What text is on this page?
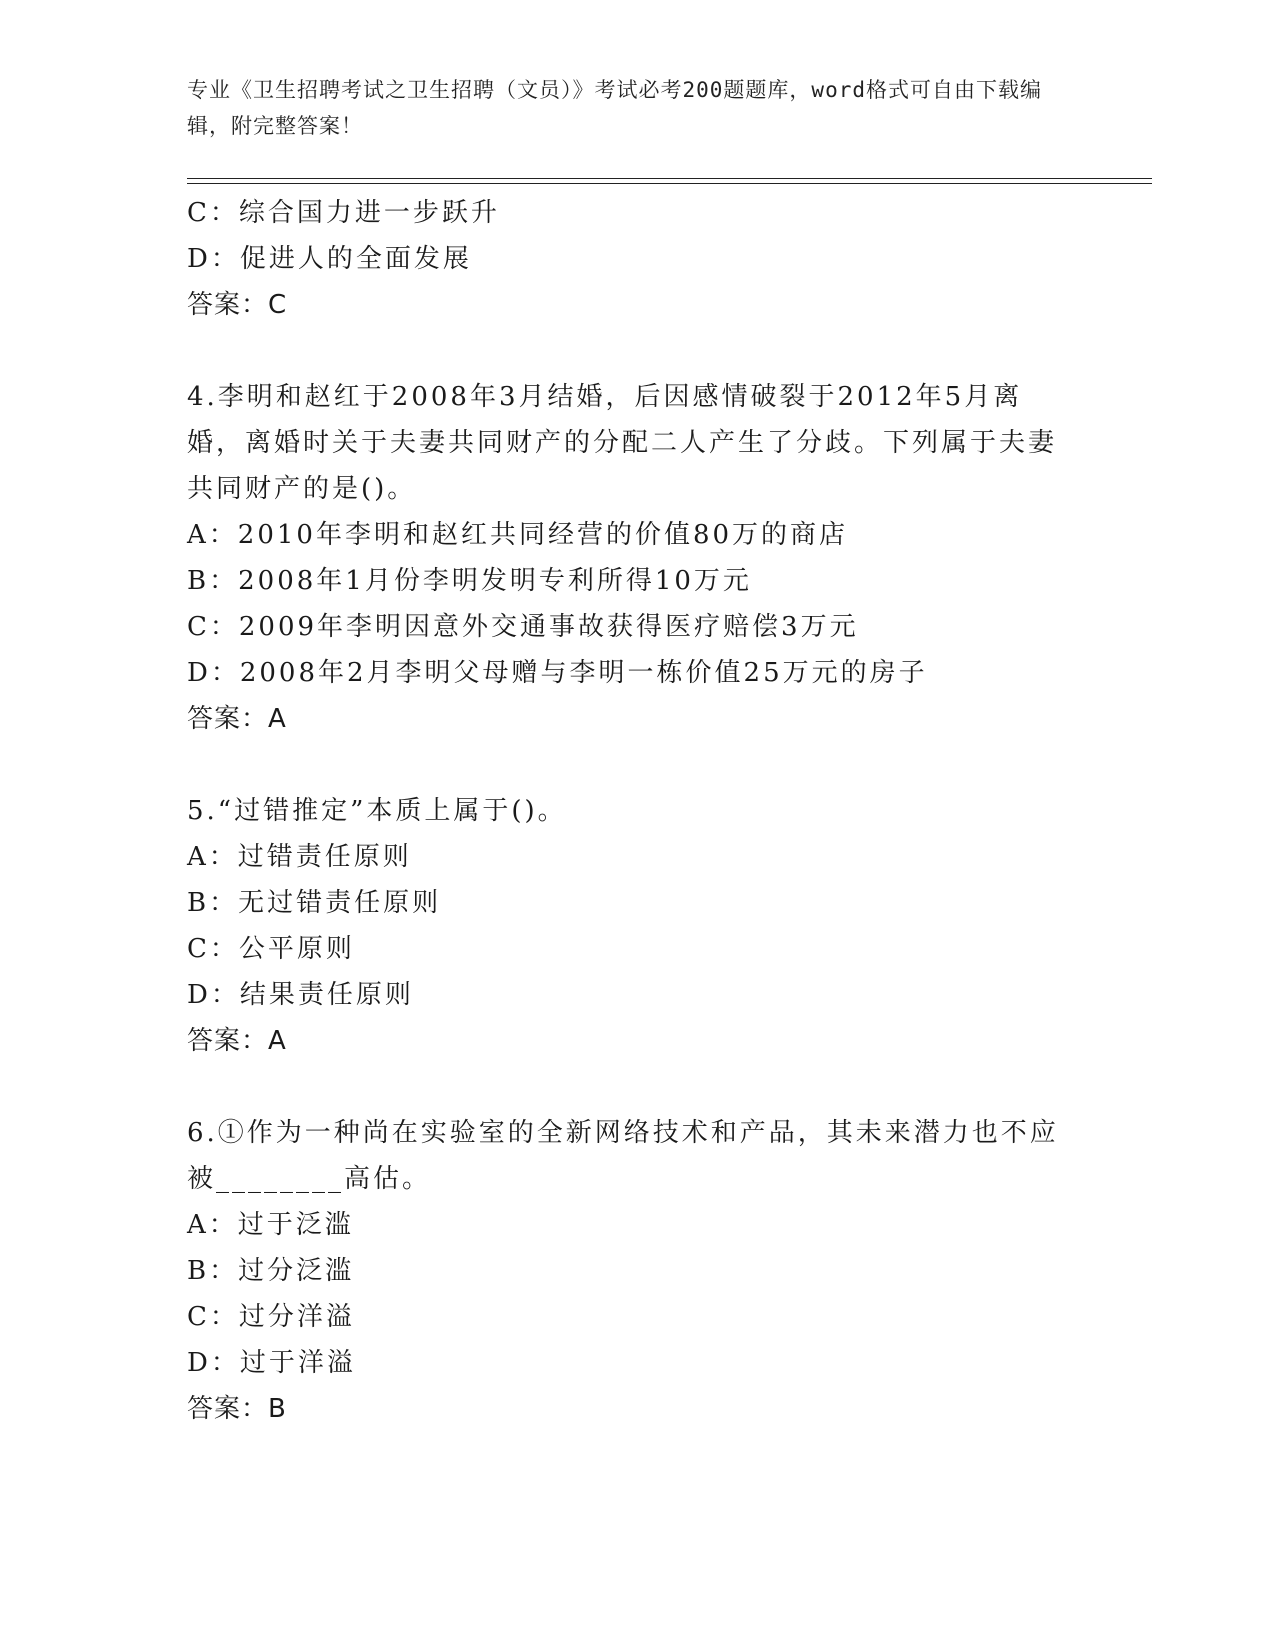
专业《卫生招聘考试之卫生招聘（文员）》考试必考200题题库，word格式可自由下载编辑，附完整答案！
C：综合国力进一步跃升
D：促进人的全面发展
答案：C
4.李明和赵红于2008年3月结婚，后因感情破裂于2012年5月离婚，离婚时关于夫妻共同财产的分配二人产生了分歧。下列属于夫妻共同财产的是()。
A：2010年李明和赵红共同经营的价值80万的商店
B：2008年1月份李明发明专利所得10万元
C：2009年李明因意外交通事故获得医疗赔偿3万元
D：2008年2月李明父母赠与李明一栋价值25万元的房子
答案：A
5.“过错推定”本质上属于()。
A：过错责任原则
B：无过错责任原则
C：公平原则
D：结果责任原则
答案：A
6.①作为一种尚在实验室的全新网络技术和产品，其未来潜力也不应被________高估。
A：过于泛滥
B：过分泛滥
C：过分洋溢
D：过于洋溢
答案：B
